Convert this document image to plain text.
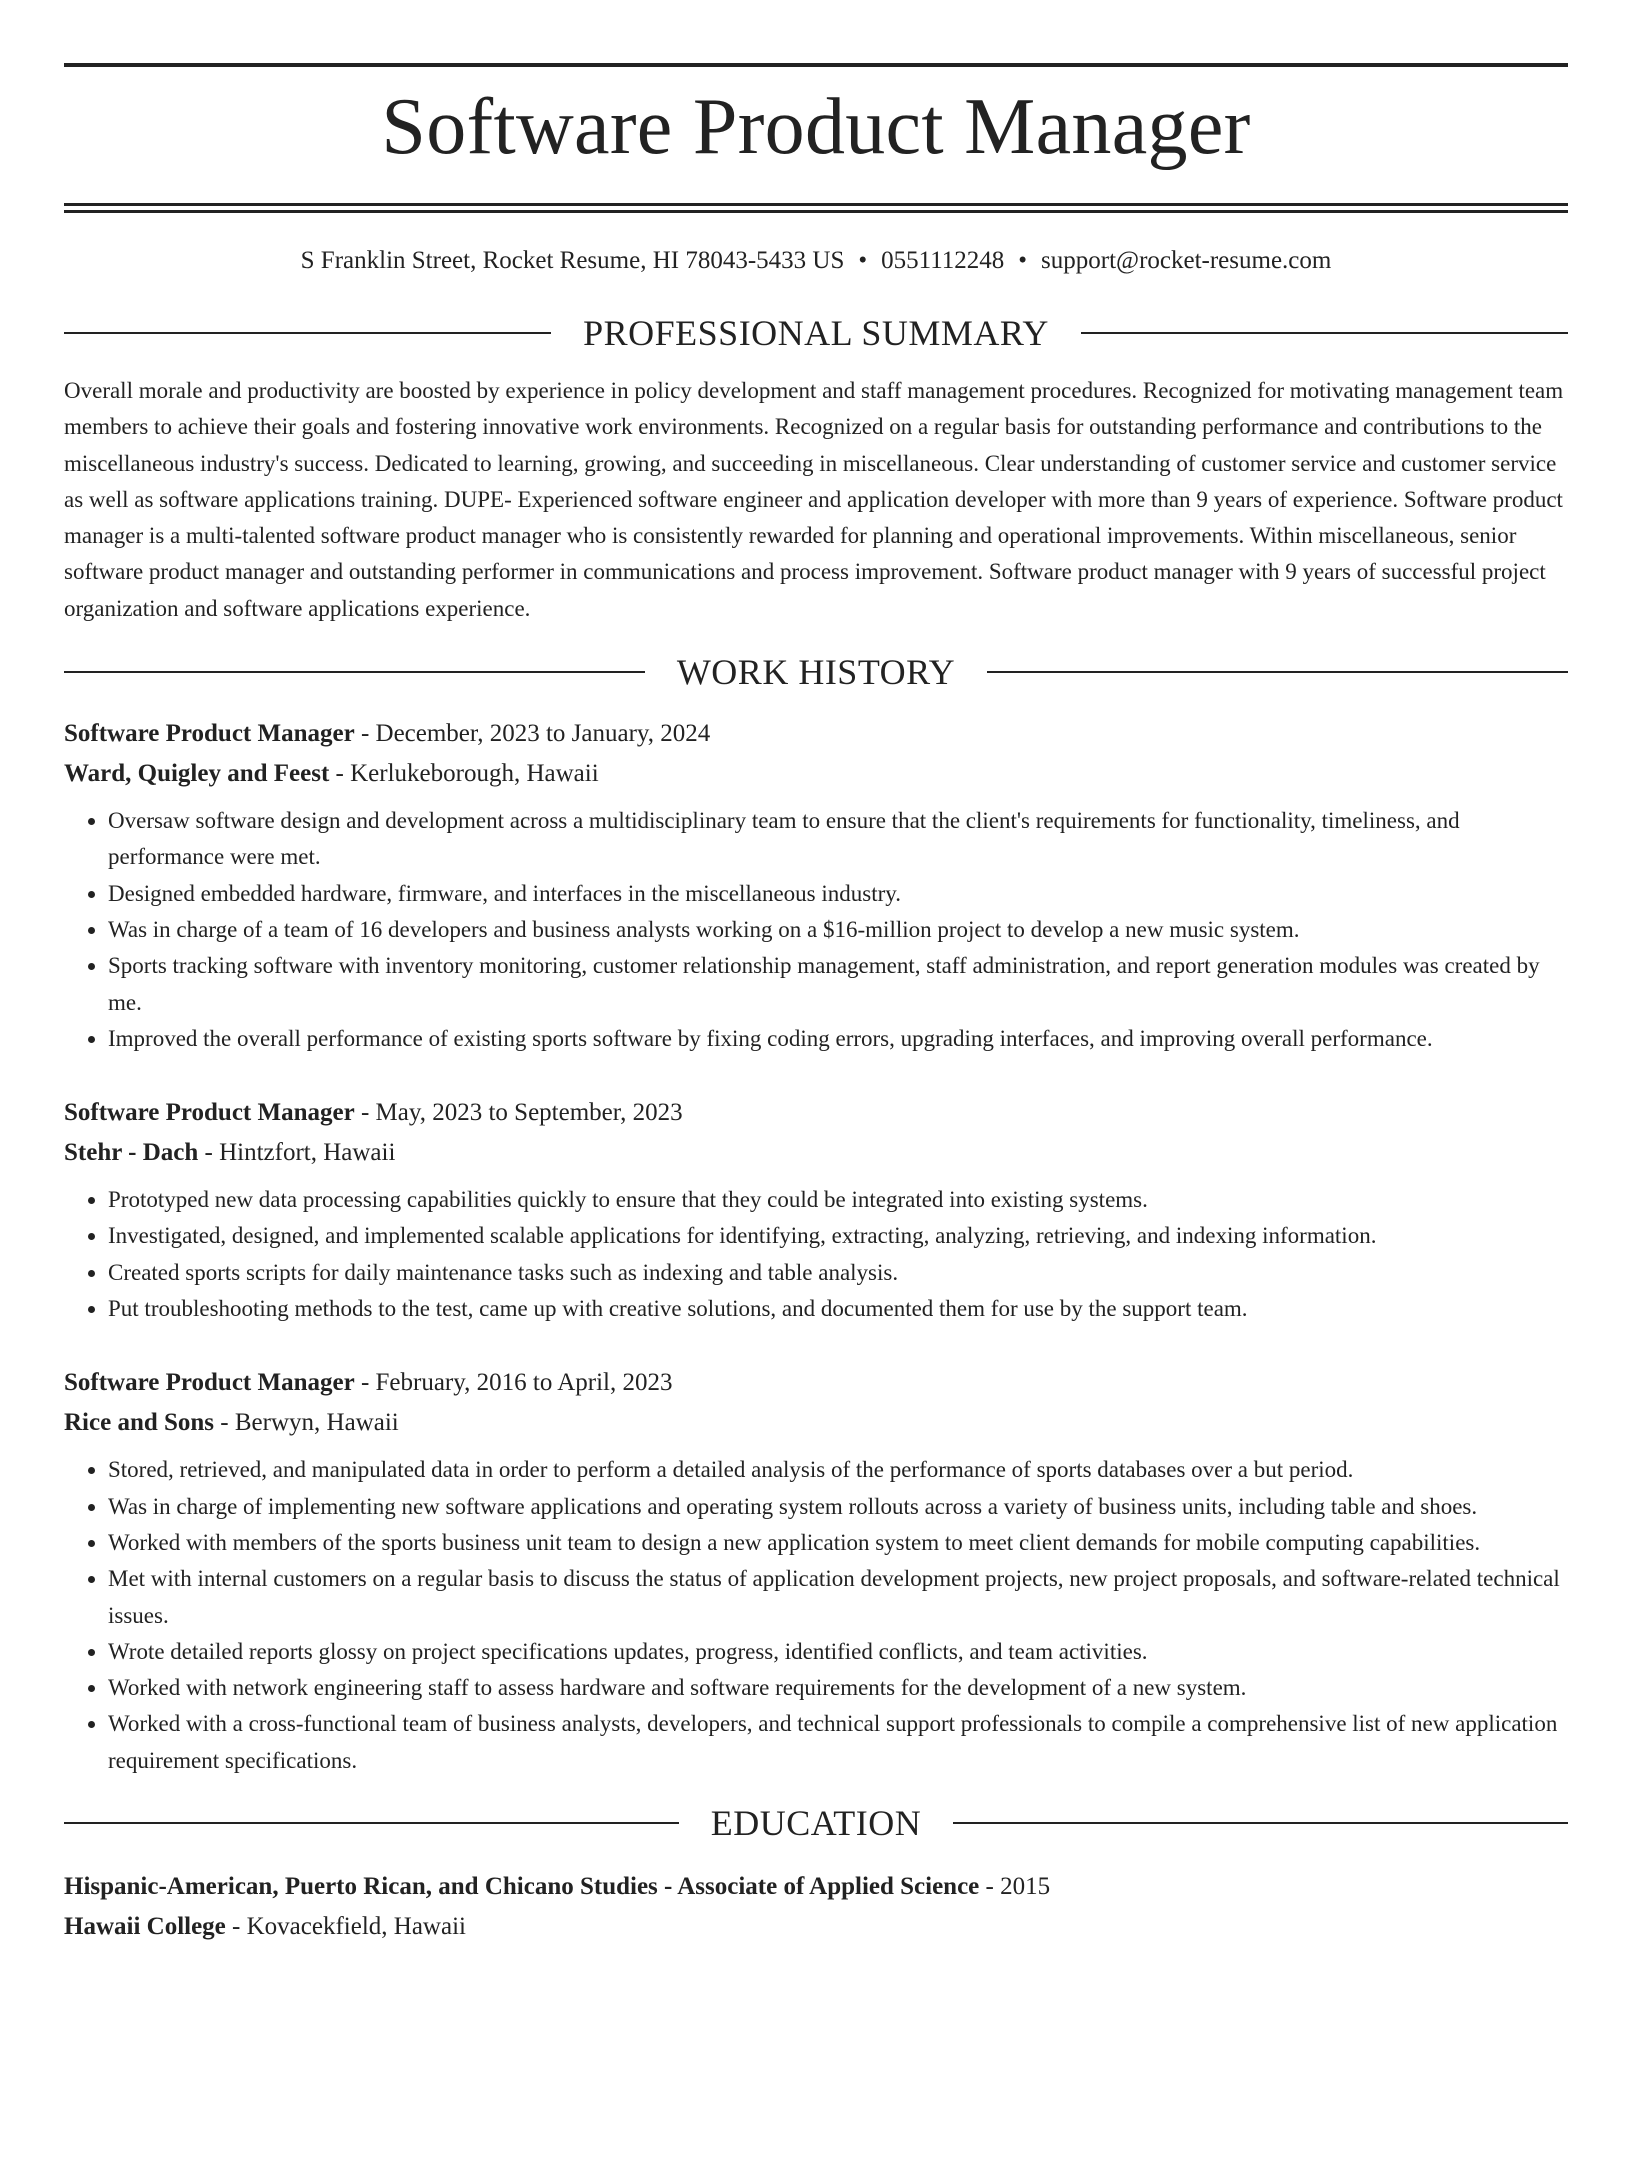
Software Product Manager
S Franklin Street, Rocket Resume, HI 78043-5433 US • 0551112248 • support@rocket-resume.com
PROFESSIONAL SUMMARY

Overall morale and productivity are boosted by experience in policy development and staff management procedures. Recognized for motivating management team members to achieve their goals and fostering innovative work environments. Recognized on a regular basis for outstanding performance and contributions to the miscellaneous industry's success. Dedicated to learning, growing, and succeeding in miscellaneous. Clear understanding of customer service and customer service as well as software applications training. DUPE- Experienced software engineer and application developer with more than 9 years of experience. Software product manager is a multi-talented software product manager who is consistently rewarded for planning and operational improvements. Within miscellaneous, senior software product manager and outstanding performer in communications and process improvement. Software product manager with 9 years of successful project organization and software applications experience.

WORK HISTORY
Software Product Manager - December, 2023 to January, 2024
Ward, Quigley and Feest - Kerlukeborough, Hawaii
• Oversaw software design and development across a multidisciplinary team to ensure that the client's requirements for functionality, timeliness, and performance were met.
• Designed embedded hardware, firmware, and interfaces in the miscellaneous industry.
• Was in charge of a team of 16 developers and business analysts working on a $16-million project to develop a new music system.
• Sports tracking software with inventory monitoring, customer relationship management, staff administration, and report generation modules was created by me.
• Improved the overall performance of existing sports software by fixing coding errors, upgrading interfaces, and improving overall performance.
Software Product Manager - May, 2023 to September, 2023
Stehr - Dach - Hintzfort, Hawaii
• Prototyped new data processing capabilities quickly to ensure that they could be integrated into existing systems.
• Investigated, designed, and implemented scalable applications for identifying, extracting, analyzing, retrieving, and indexing information.
• Created sports scripts for daily maintenance tasks such as indexing and table analysis.
• Put troubleshooting methods to the test, came up with creative solutions, and documented them for use by the support team.
Software Product Manager - February, 2016 to April, 2023
Rice and Sons - Berwyn, Hawaii
• Stored, retrieved, and manipulated data in order to perform a detailed analysis of the performance of sports databases over a but period.
• Was in charge of implementing new software applications and operating system rollouts across a variety of business units, including table and shoes.
• Worked with members of the sports business unit team to design a new application system to meet client demands for mobile computing capabilities.
• Met with internal customers on a regular basis to discuss the status of application development projects, new project proposals, and software-related technical issues.
• Wrote detailed reports glossy on project specifications updates, progress, identified conflicts, and team activities.
• Worked with network engineering staff to assess hardware and software requirements for the development of a new system.
• Worked with a cross-functional team of business analysts, developers, and technical support professionals to compile a comprehensive list of new application requirement specifications.
EDUCATION
Hispanic-American, Puerto Rican, and Chicano Studies - Associate of Applied Science - 2015
Hawaii College - Kovacekfield, Hawaii
